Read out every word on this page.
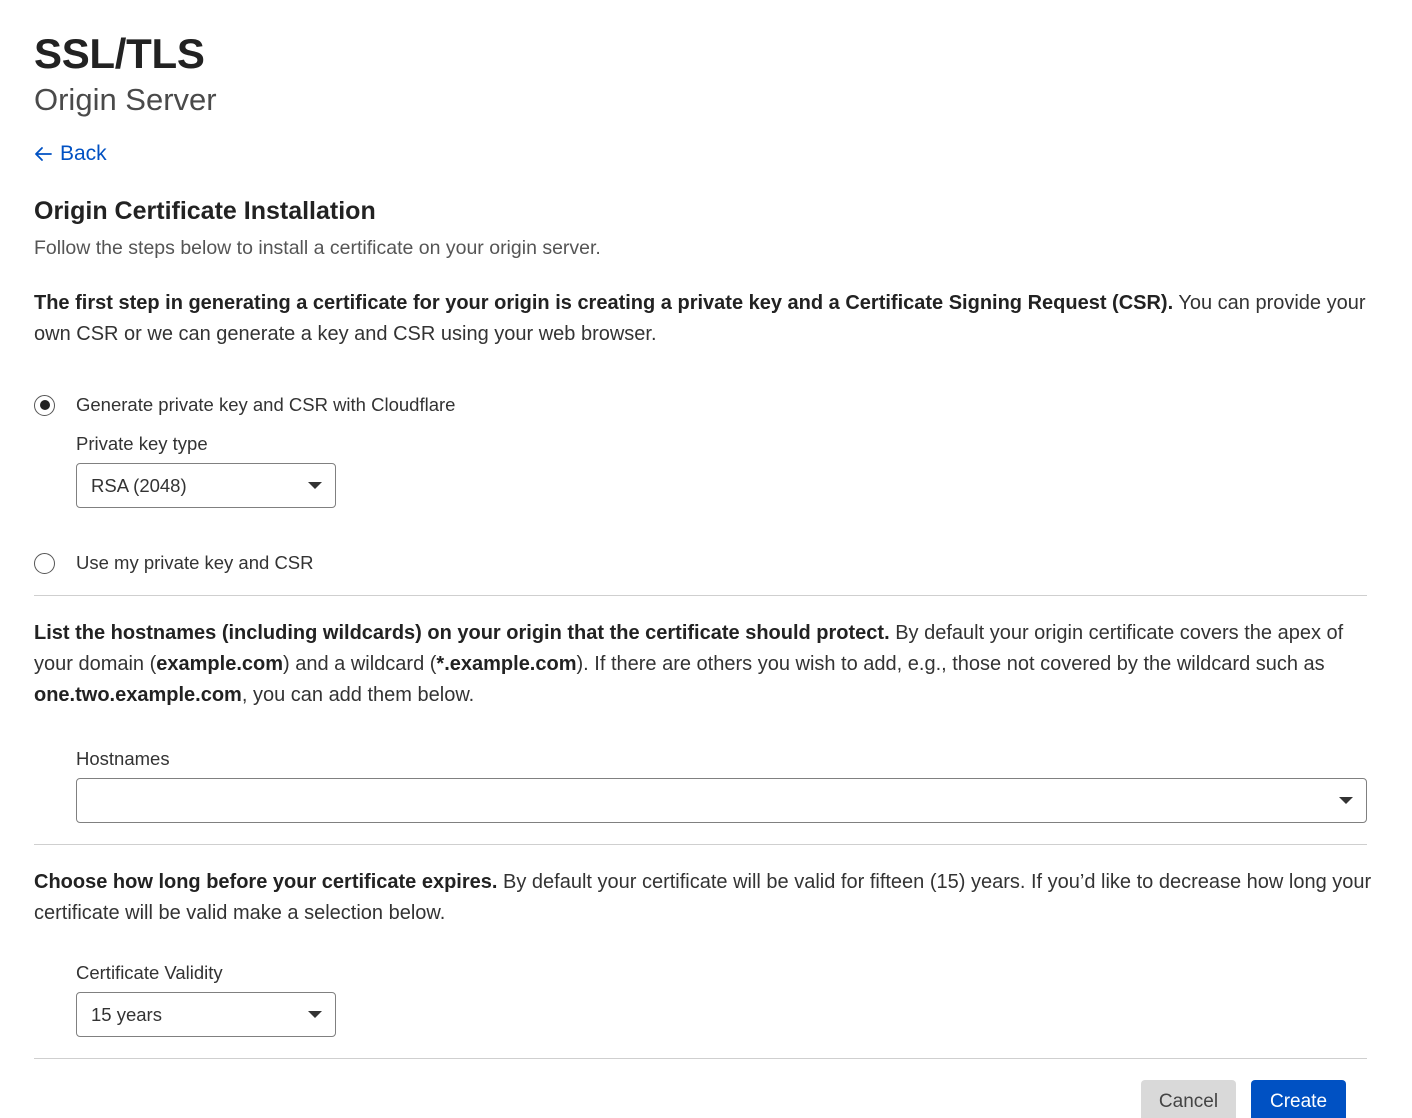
SSL/TLS
Origin Server
Back
Origin Certificate Installation

Follow the steps below to install a certificate on your origin server.

The first step in generating a certificate for your origin is creating a private key and a Certificate Signing Request (CSR). You can provide your own CSR or we can generate a key and CSR using your web browser.

Generate private key and CSR with Cloudflare
Private key type
RSA (2048)
Use my private key and CSR

List the hostnames (including wildcards) on your origin that the certificate should protect. By default your origin certificate covers the apex of your domain (example.com) and a wildcard (*.example.com). If there are others you wish to add, e.g., those not covered by the wildcard such as one.two.example.com, you can add them below.

Hostnames

Choose how long before your certificate expires. By default your certificate will be valid for fifteen (15) years. If you’d like to decrease how long your certificate will be valid make a selection below.

Certificate Validity
15 years
Cancel	Create
